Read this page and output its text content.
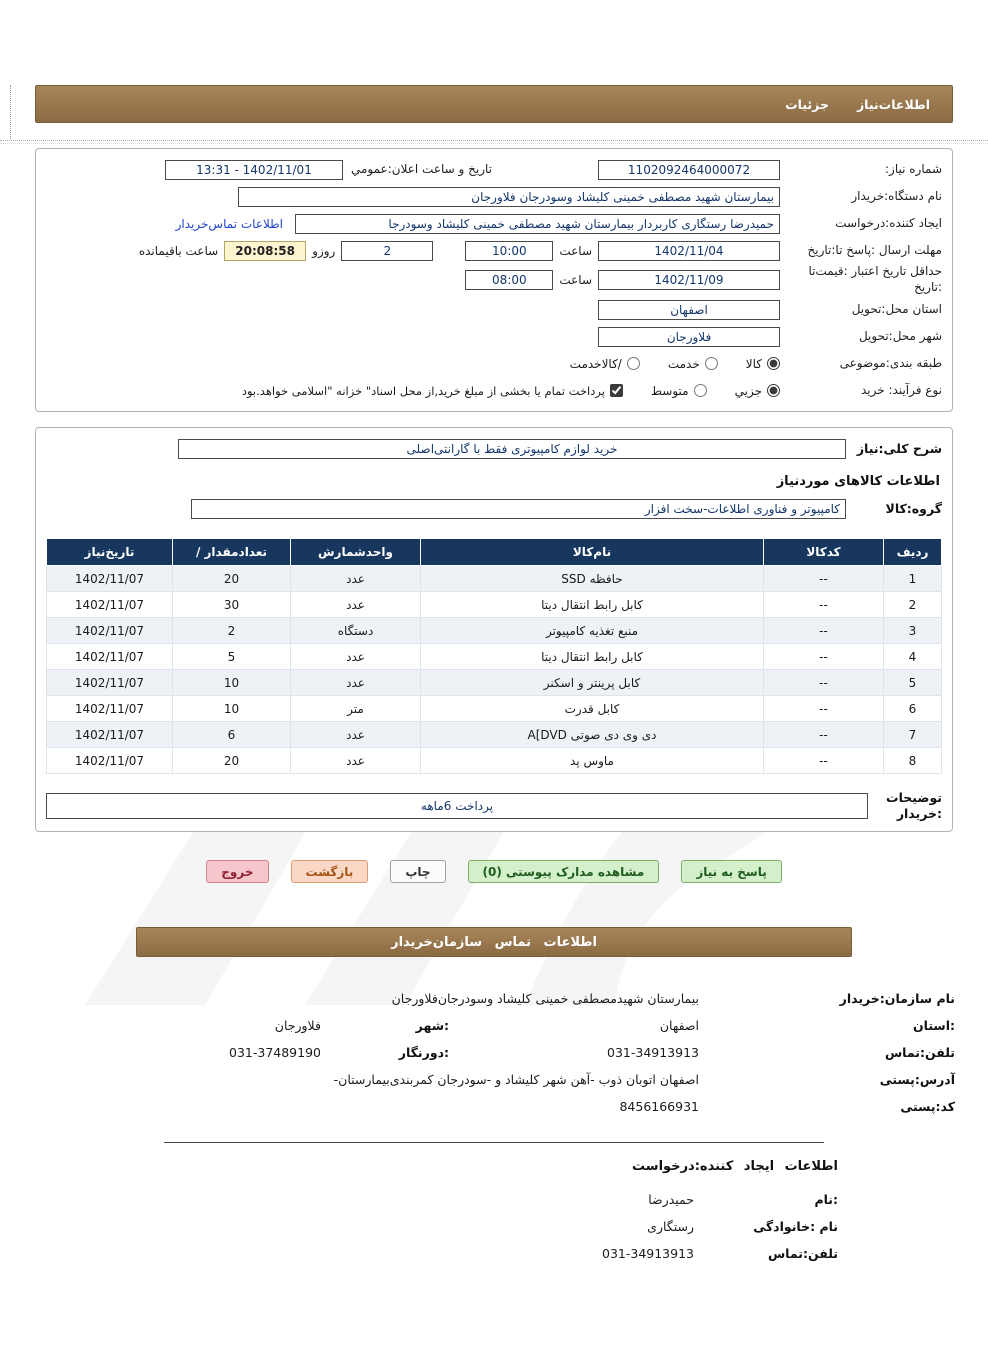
اطلاعات‌نیاز
جزئیات
شماره نیاز:
1102092464000072
تاریخ و ساعت اعلان:عمومي
13:31 - 1402/11/01
نام دستگاه:خریدار
بیمارستان شهید مصطفی خمینی کلیشاد وسودرجان فلاورجان
ایجاد کننده:درخواست
حمیدرضا رستگاری کاربردار بیمارستان شهید مصطفی خمینی کلیشاد وسودرجا
اطلاعات تماس‌خریدار
مهلت ارسال :پاسخ تا:تاریخ
1402/11/04
ساعت
10:00
2
روزو
20:08:58
ساعت باقیمانده
حداقل تاریخ اعتبار :قیمت‌تا :تاریخ
1402/11/09
ساعت
08:00
استان محل:تحویل
اصفهان
شهر محل:تحویل
فلاورجان
طبقه بندی:موضوعی
کالا
خدمت
/کالاخدمت
نوع فرآیند: خرید
جزيي
متوسط
پرداخت تمام یا بخشی از مبلغ خرید,از محل اسناد" خزانه "اسلامی خواهد.بود
شرح کلی:نیاز
خرید لوازم کامپیوتری فقط با گارانتی‌اصلی
اطلاعات کالاهای موردنیاز
گروه:کالا
کامپیوتر و فناوری اطلاعات-سخت افزار
ردیف	کدکالا	نام‌کالا	واحدشمارش	/ تعدادمقدار	تاریخ‌نیاز
1	--	حافظه SSD	عدد	20	1402/11/07
2	--	کابل رابط انتقال دیتا	عدد	30	1402/11/07
3	--	منبع تغذیه کامپیوتر	دستگاه	2	1402/11/07
4	--	کابل رابط انتقال دیتا	عدد	5	1402/11/07
5	--	کابل پرینتر و اسکنر	عدد	10	1402/11/07
6	--	کابل قدرت	متر	10	1402/11/07
7	--	دی وی دی صوتی A[DVD	عدد	6	1402/11/07
8	--	ماوس پد	عدد	20	1402/11/07
توضیحات
:خریدار
پرداخت 6ماهه
پاسخ به نیاز
مشاهده مدارک پیوستی (0)
چاپ
بازگشت
خروج
اطلاعات تماس سازمان‌خریدار
نام سازمان:خریدار
بیمارستان شهیدمصطفی خمینی کلیشاد وسودرجان‌فلاورجان
:استان
اصفهان
:شهر
فلاورجان
تلفن:تماس
031-34913913
:دورنگار
031-37489190
آدرس:پستی
اصفهان اتوبان ذوب -آهن شهر کلیشاد و -سودرجان کمربندی‌بیمارستان-
کد:پستی
8456166931
اطلاعات ایجاد کننده:درخواست
:نام
حمیدرضا
نام :خانوادگی
رستگاری
تلفن:تماس
031-34913913
